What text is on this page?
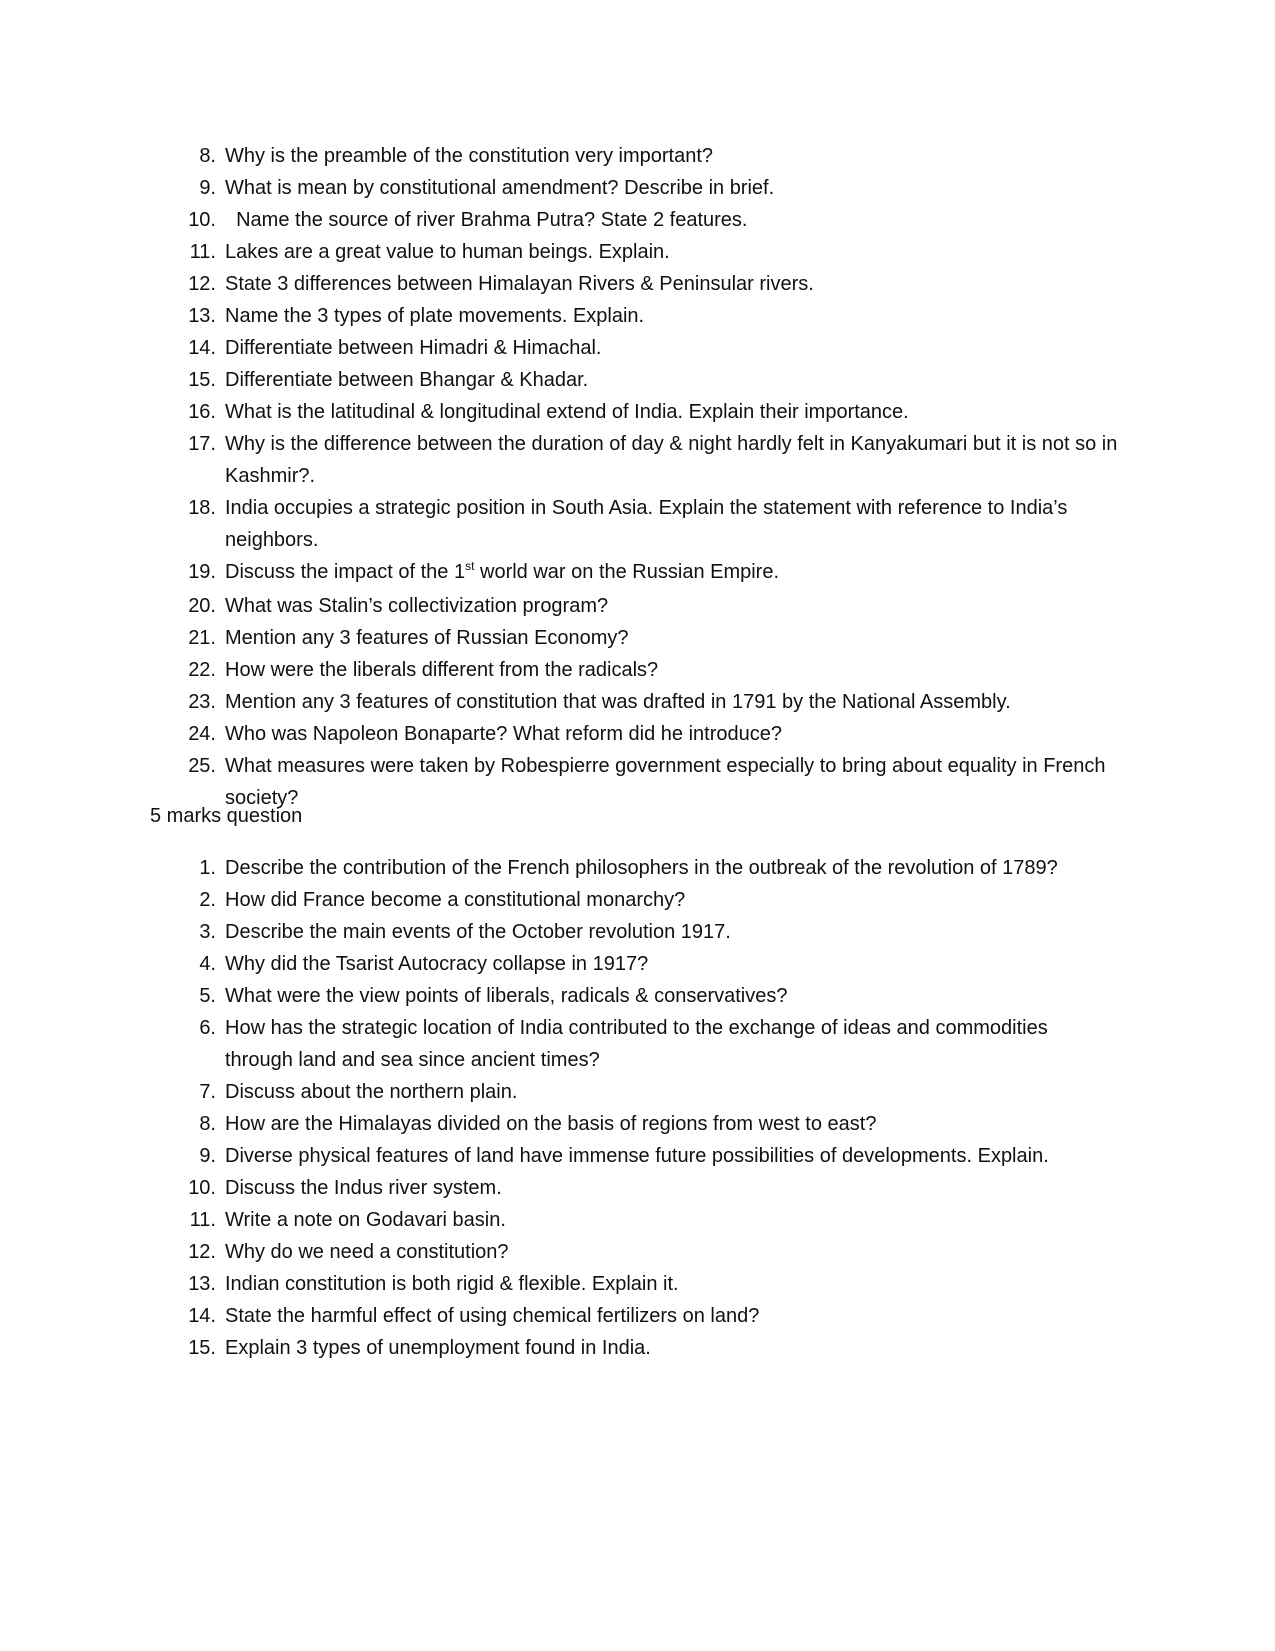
8. Why is the preamble of the constitution very important?
9. What is mean by constitutional amendment? Describe in brief.
10. Name the source of river Brahma Putra? State 2 features.
11. Lakes are a great value to human beings. Explain.
12. State 3 differences between Himalayan Rivers & Peninsular rivers.
13. Name the 3 types of plate movements. Explain.
14. Differentiate between Himadri & Himachal.
15. Differentiate between Bhangar & Khadar.
16. What is the latitudinal & longitudinal extend of India. Explain their importance.
17. Why is the difference between the duration of day & night hardly felt in Kanyakumari but it is not so in Kashmir?.
18. India occupies a strategic position in South Asia. Explain the statement with reference to India’s neighbors.
19. Discuss the impact of the 1st world war on the Russian Empire.
20. What was Stalin’s collectivization program?
21. Mention any 3 features of Russian Economy?
22. How were the liberals different from the radicals?
23. Mention any 3 features of constitution that was drafted in 1791 by the National Assembly.
24. Who was Napoleon Bonaparte? What reform did he introduce?
25. What measures were taken by Robespierre government especially to bring about equality in French society?
5 marks question
1. Describe the contribution of the French philosophers in the outbreak of the revolution of 1789?
2. How did France become a constitutional monarchy?
3. Describe the main events of the October revolution 1917.
4. Why did the Tsarist Autocracy collapse in 1917?
5. What were the view points of liberals, radicals & conservatives?
6. How has the strategic location of India contributed to the exchange of ideas and commodities through land and sea since ancient times?
7. Discuss about the northern plain.
8. How are the Himalayas divided on the basis of regions from west to east?
9. Diverse physical features of land have immense future possibilities of developments. Explain.
10. Discuss the Indus river system.
11. Write a note on Godavari basin.
12. Why do we need a constitution?
13. Indian constitution is both rigid & flexible. Explain it.
14. State the harmful effect of using chemical fertilizers on land?
15. Explain 3 types of unemployment found in India.
